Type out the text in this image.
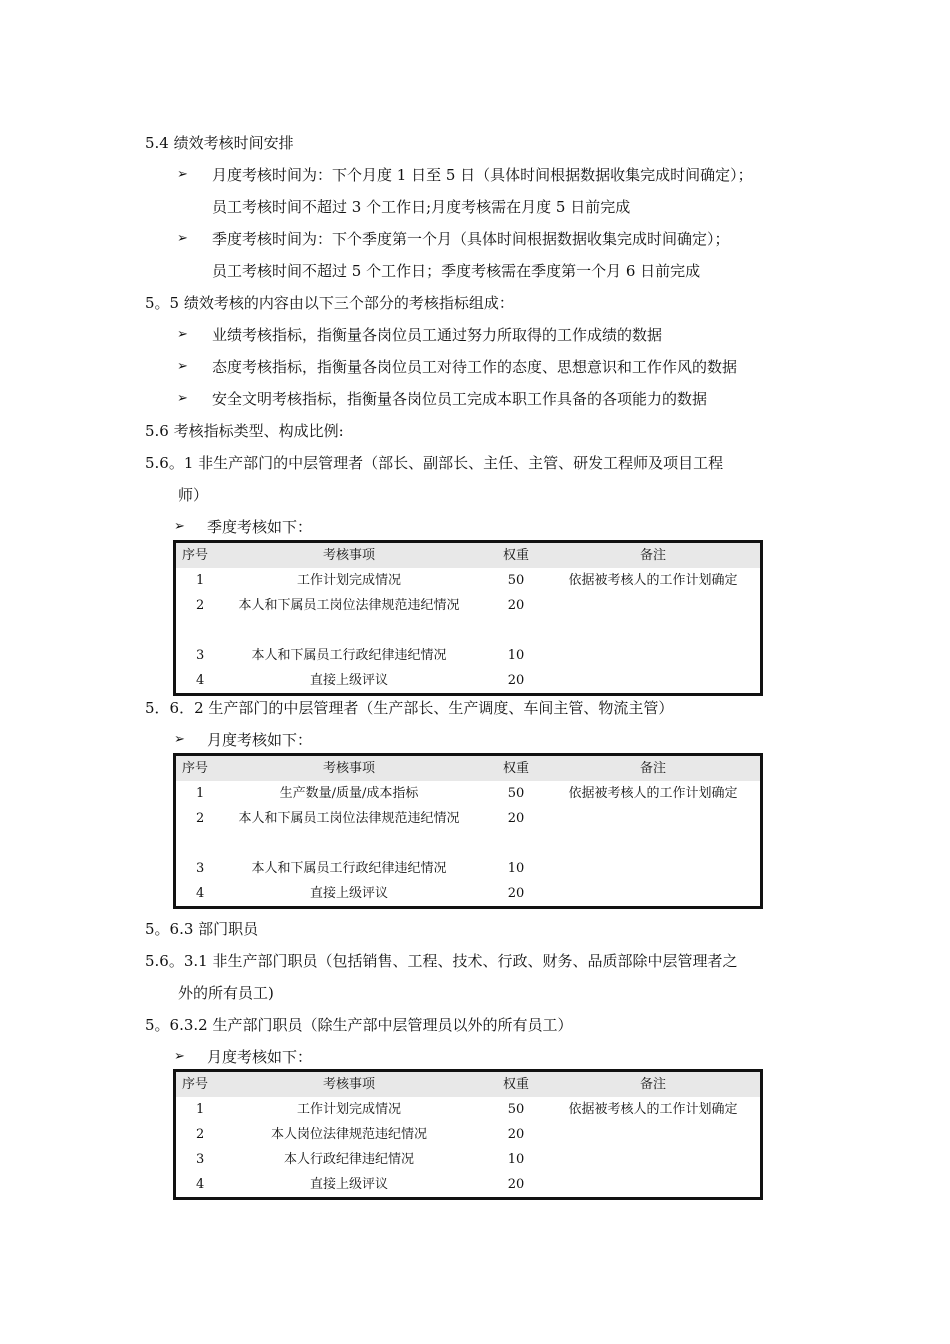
5.4 绩效考核时间安排
➢ 月度考核时间为：下个月度 1 日至 5 日（具体时间根据数据收集完成时间确定）；
员工考核时间不超过 3 个工作日;月度考核需在月度 5 日前完成
➢ 季度考核时间为：下个季度第一个月（具体时间根据数据收集完成时间确定）；
员工考核时间不超过 5 个工作日；季度考核需在季度第一个月 6 日前完成
5。5 绩效考核的内容由以下三个部分的考核指标组成：
➢ 业绩考核指标，指衡量各岗位员工通过努力所取得的工作成绩的数据
➢ 态度考核指标，指衡量各岗位员工对待工作的态度、思想意识和工作作风的数据
➢ 安全文明考核指标，指衡量各岗位员工完成本职工作具备的各项能力的数据
5.6 考核指标类型、构成比例:
5.6。1 非生产部门的中层管理者（部长、副部长、主任、主管、研发工程师及项目工程
师）
➢ 季度考核如下：
序号	考核事项	权重	备注
1	工作计划完成情况	50	依据被考核人的工作计划确定
2	本人和下属员工岗位法律规范违纪情况	20
3	本人和下属员工行政纪律违纪情况	10
4	直接上级评议	20
5．6．2 生产部门的中层管理者（生产部长、生产调度、车间主管、物流主管）
➢ 月度考核如下：
序号	考核事项	权重	备注
1	生产数量/质量/成本指标	50	依据被考核人的工作计划确定
2	本人和下属员工岗位法律规范违纪情况	20
3	本人和下属员工行政纪律违纪情况	10
4	直接上级评议	20
5。6.3 部门职员
5.6。3.1 非生产部门职员（包括销售、工程、技术、行政、财务、品质部除中层管理者之
外的所有员工)
5。6.3.2 生产部门职员（除生产部中层管理员以外的所有员工）
➢ 月度考核如下：
序号	考核事项	权重	备注
1	工作计划完成情况	50	依据被考核人的工作计划确定
2	本人岗位法律规范违纪情况	20
3	本人行政纪律违纪情况	10
4	直接上级评议	20
